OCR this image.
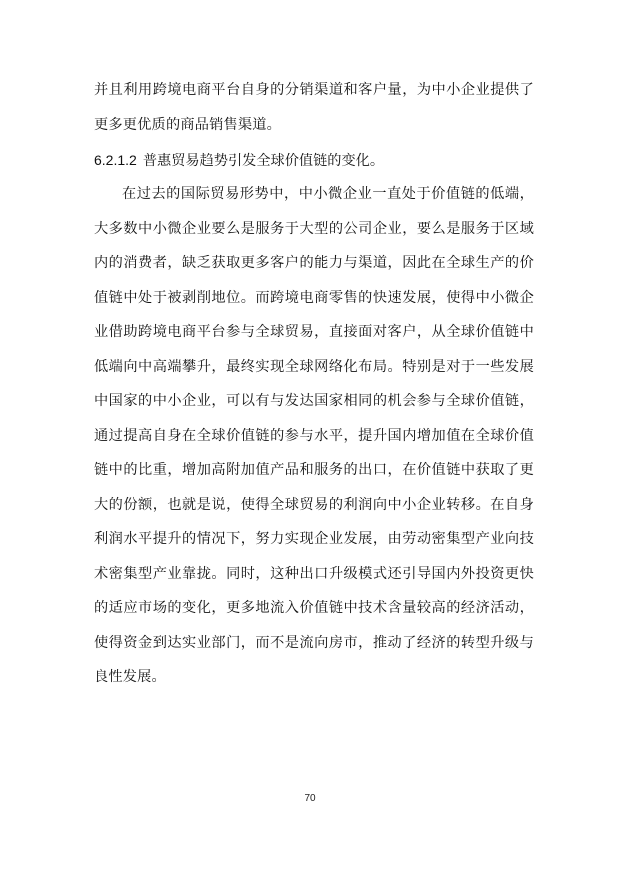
并且利用跨境电商平台自身的分销渠道和客户量，为中小企业提供了
更多更优质的商品销售渠道。
6.2.1.2 普惠贸易趋势引发全球价值链的变化。
在过去的国际贸易形势中，中小微企业一直处于价值链的低端，
大多数中小微企业要么是服务于大型的公司企业，要么是服务于区域
内的消费者，缺乏获取更多客户的能力与渠道，因此在全球生产的价
值链中处于被剥削地位。而跨境电商零售的快速发展，使得中小微企
业借助跨境电商平台参与全球贸易，直接面对客户，从全球价值链中
低端向中高端攀升，最终实现全球网络化布局。特别是对于一些发展
中国家的中小企业，可以有与发达国家相同的机会参与全球价值链，
通过提高自身在全球价值链的参与水平，提升国内增加值在全球价值
链中的比重，增加高附加值产品和服务的出口，在价值链中获取了更
大的份额，也就是说，使得全球贸易的利润向中小企业转移。在自身
利润水平提升的情况下，努力实现企业发展，由劳动密集型产业向技
术密集型产业靠拢。同时，这种出口升级模式还引导国内外投资更快
的适应市场的变化，更多地流入价值链中技术含量较高的经济活动，
使得资金到达实业部门，而不是流向房市，推动了经济的转型升级与
良性发展。
70
